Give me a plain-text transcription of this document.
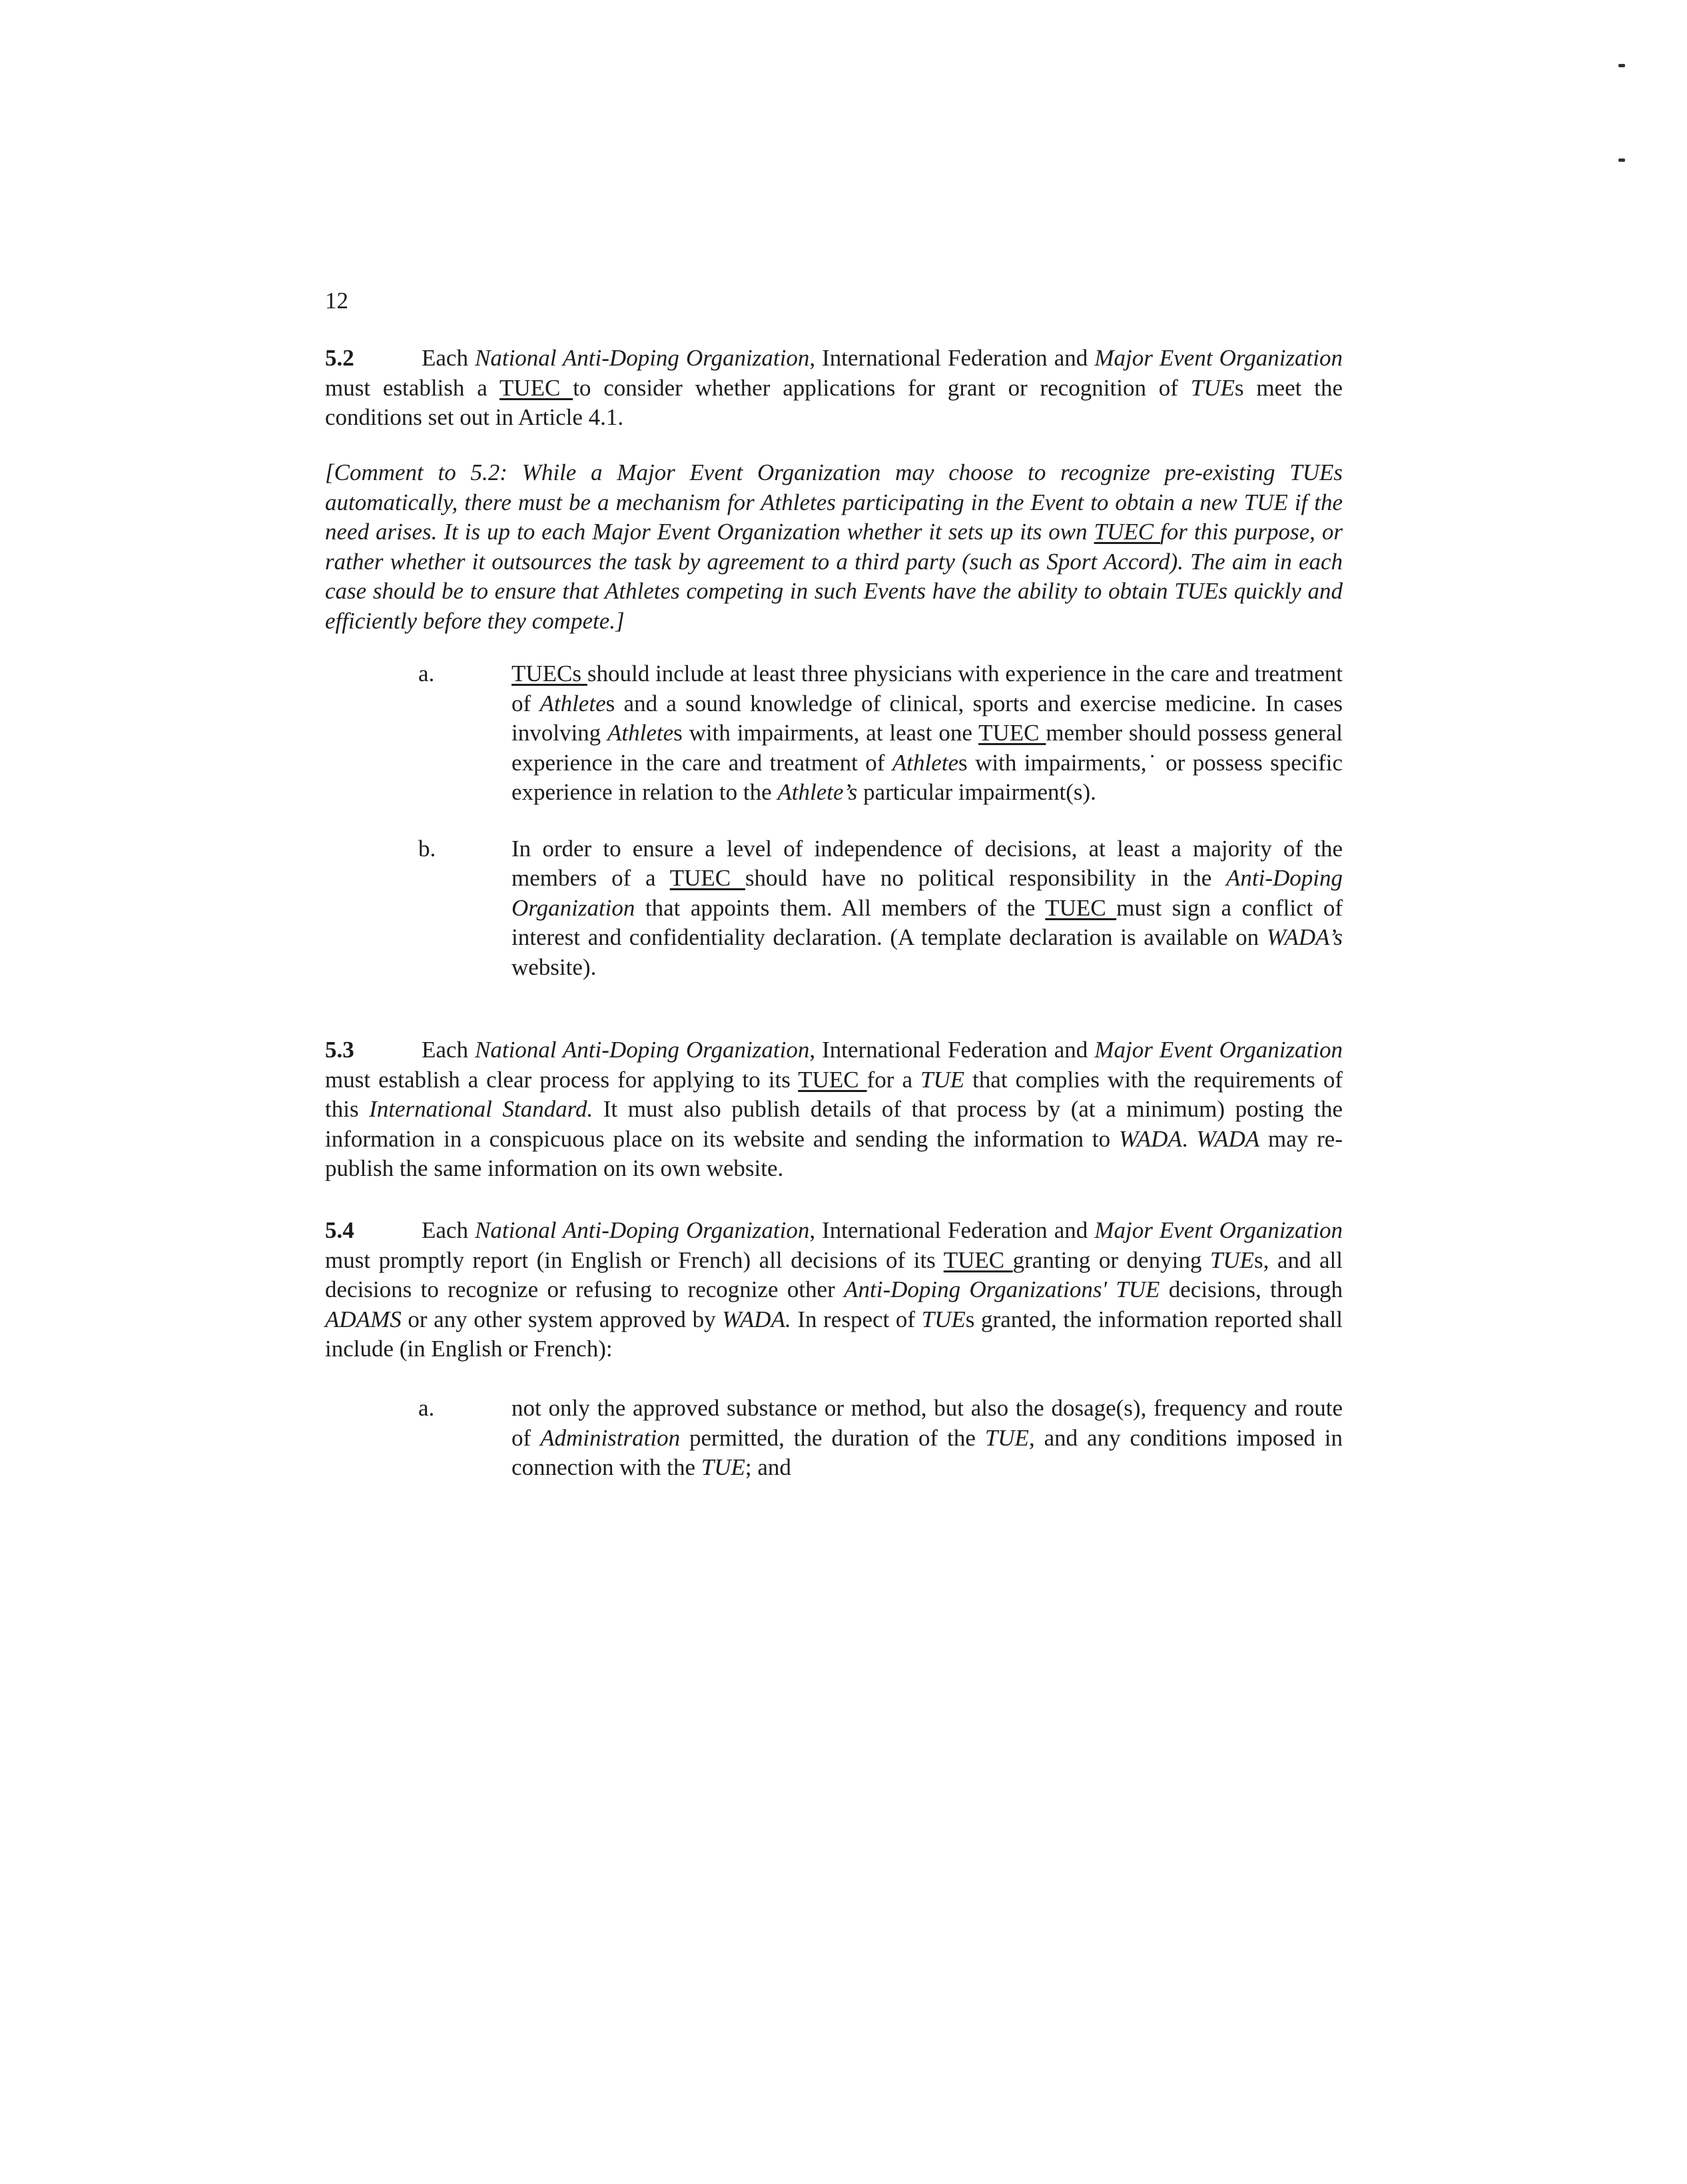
12
5.2	Each National Anti-Doping Organization, International Federation and Major Event Organization must establish a TUEC to consider whether applications for grant or recognition of TUEs meet the conditions set out in Article 4.1.
[Comment to 5.2: While a Major Event Organization may choose to recognize pre-existing TUEs automatically, there must be a mechanism for Athletes participating in the Event to obtain a new TUE if the need arises. It is up to each Major Event Organization whether it sets up its own TUEC for this purpose, or rather whether it outsources the task by agreement to a third party (such as Sport Accord). The aim in each case should be to ensure that Athletes competing in such Events have the ability to obtain TUEs quickly and efficiently before they compete.]
a.	TUECs should include at least three physicians with experience in the care and treatment of Athletes and a sound knowledge of clinical, sports and exercise medicine. In cases involving Athletes with impairments, at least one TUEC member should possess general experience in the care and treatment of Athletes with impairments,˙ or possess specific experience in relation to the Athlete’s particular impairment(s).
b.	In order to ensure a level of independence of decisions, at least a majority of the members of a TUEC should have no political responsibility in the Anti-Doping Organization that appoints them. All members of the TUEC must sign a conflict of interest and confidentiality declaration. (A template declaration is available on WADA’s website).
5.3	Each National Anti-Doping Organization, International Federation and Major Event Organization must establish a clear process for applying to its TUEC for a TUE that complies with the requirements of this International Standard. It must also publish details of that process by (at a minimum) posting the information in a conspicuous place on its website and sending the information to WADA. WADA may re-publish the same information on its own website.
5.4	Each National Anti-Doping Organization, International Federation and Major Event Organization must promptly report (in English or French) all decisions of its TUEC granting or denying TUEs, and all decisions to recognize or refusing to recognize other Anti-Doping Organizations' TUE decisions, through ADAMS or any other system approved by WADA. In respect of TUEs granted, the information reported shall include (in English or French):
a.	not only the approved substance or method, but also the dosage(s), frequency and route of Administration permitted, the duration of the TUE, and any conditions imposed in connection with the TUE; and
